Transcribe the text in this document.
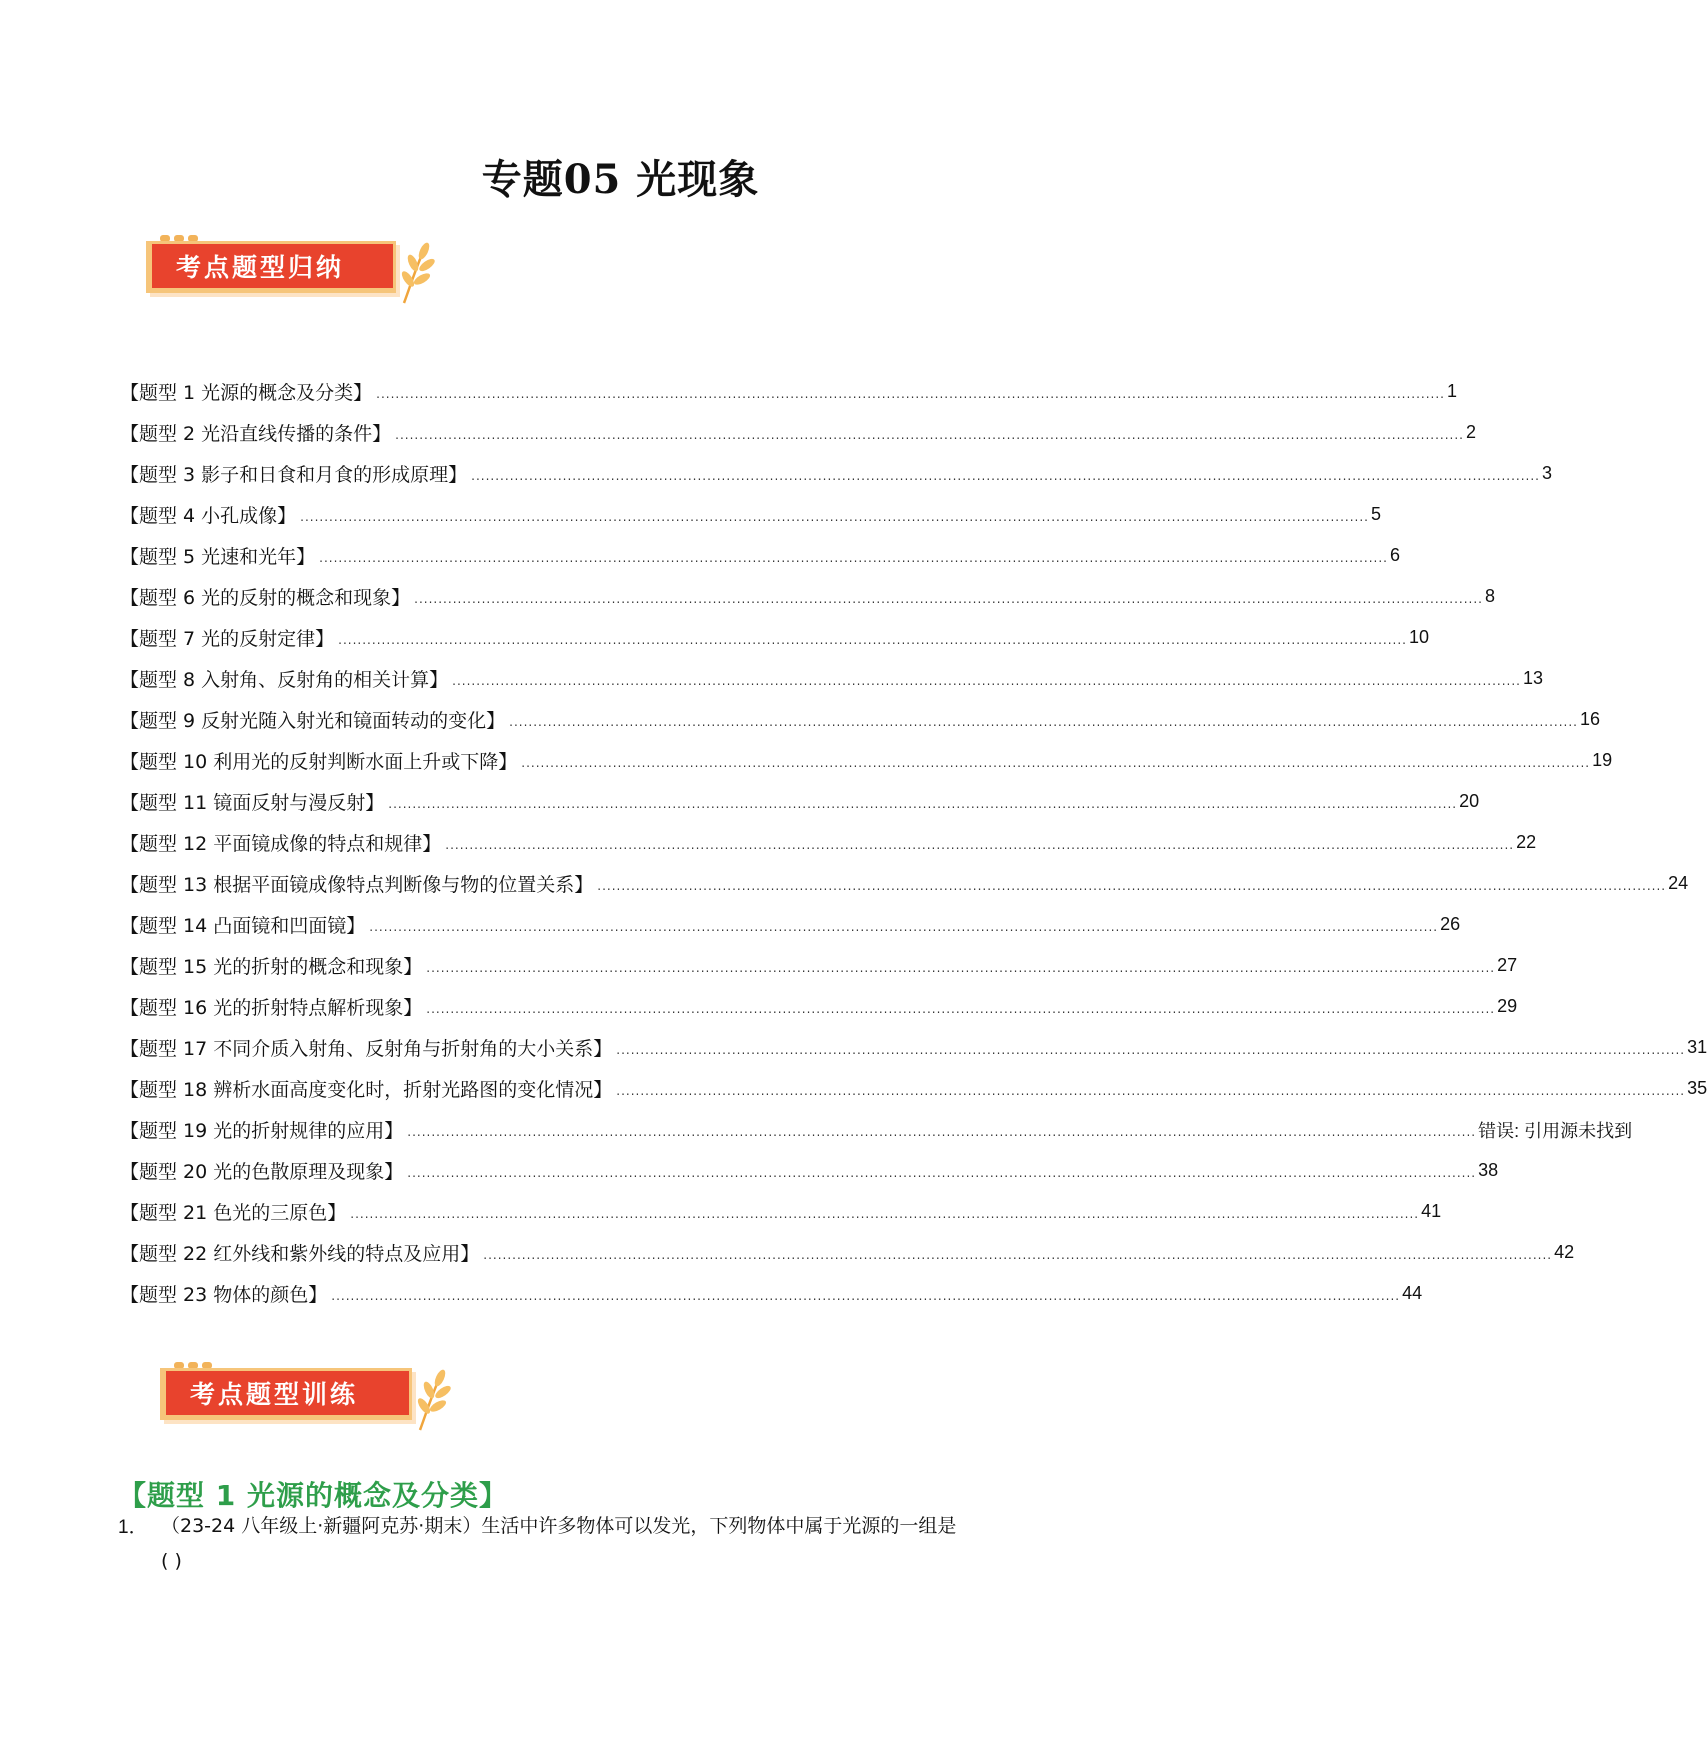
专题05 光现象
考点题型归纳
【题型 1 光源的概念及分类】 .............................................................................................................................................................................................................................. 1
【题型 2 光沿直线传播的条件】 .............................................................................................................................................................................................................................. 2
【题型 3 影子和日食和月食的形成原理】 .............................................................................................................................................................................................................................. 3
【题型 4 小孔成像】 .............................................................................................................................................................................................................................. 5
【题型 5 光速和光年】 .............................................................................................................................................................................................................................. 6
【题型 6 光的反射的概念和现象】 .............................................................................................................................................................................................................................. 8
【题型 7 光的反射定律】 .............................................................................................................................................................................................................................. 10
【题型 8 入射角、反射角的相关计算】 .............................................................................................................................................................................................................................. 13
【题型 9 反射光随入射光和镜面转动的变化】 .............................................................................................................................................................................................................................. 16
【题型 10 利用光的反射判断水面上升或下降】 .............................................................................................................................................................................................................................. 19
【题型 11 镜面反射与漫反射】 .............................................................................................................................................................................................................................. 20
【题型 12 平面镜成像的特点和规律】 .............................................................................................................................................................................................................................. 22
【题型 13 根据平面镜成像特点判断像与物的位置关系】 .............................................................................................................................................................................................................................. 24
【题型 14 凸面镜和凹面镜】 .............................................................................................................................................................................................................................. 26
【题型 15 光的折射的概念和现象】 .............................................................................................................................................................................................................................. 27
【题型 16 光的折射特点解析现象】 .............................................................................................................................................................................................................................. 29
【题型 17 不同介质入射角、反射角与折射角的大小关系】 .............................................................................................................................................................................................................................. 31
【题型 18 辨析水面高度变化时，折射光路图的变化情况】 .............................................................................................................................................................................................................................. 35
【题型 19 光的折射规律的应用】 .............................................................................................................................................................................................................................. 错误: 引用源未找到
【题型 20 光的色散原理及现象】 .............................................................................................................................................................................................................................. 38
【题型 21 色光的三原色】 .............................................................................................................................................................................................................................. 41
【题型 22 红外线和紫外线的特点及应用】 .............................................................................................................................................................................................................................. 42
【题型 23 物体的颜色】 .............................................................................................................................................................................................................................. 44
考点题型训练
【题型 1 光源的概念及分类】
1． （23-24 八年级上·新疆阿克苏·期末）生活中许多物体可以发光，下列物体中属于光源的一组是
( )
